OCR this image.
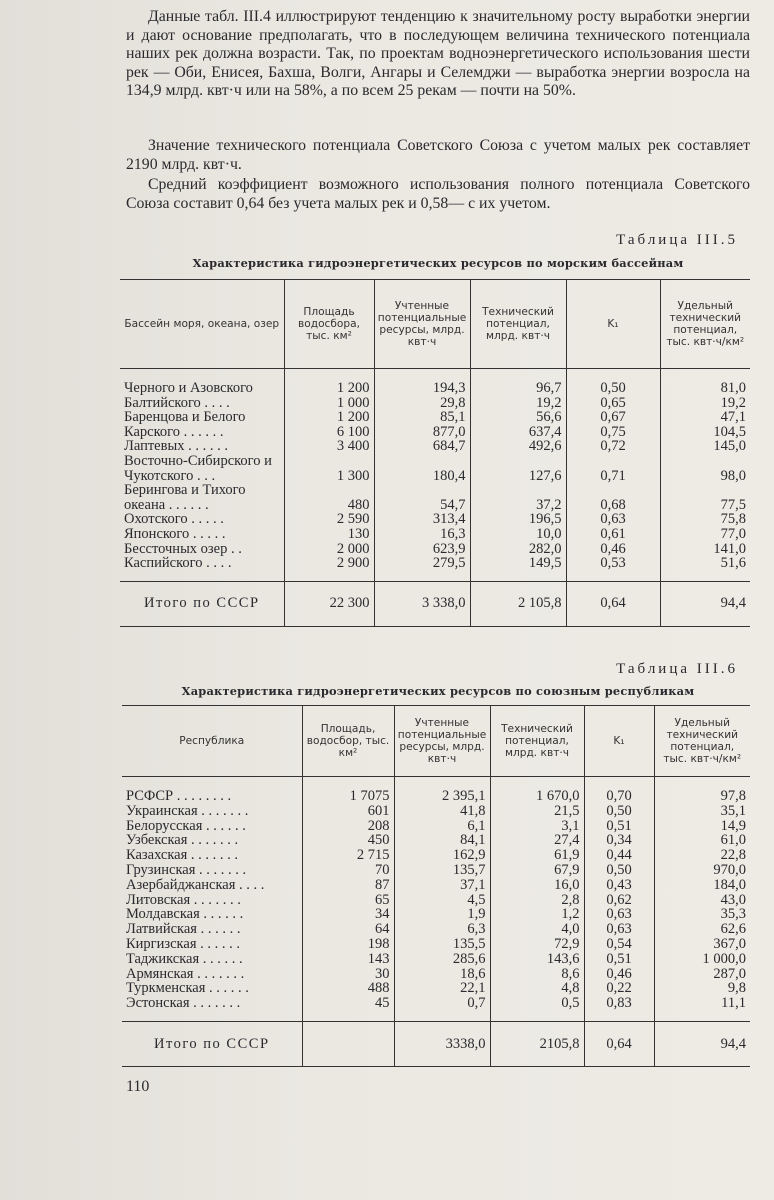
Данные табл. III.4 иллюстрируют тенденцию к значительному росту выработки энергии и дают основание предполагать, что в последующем величина технического потенциала наших рек должна возрасти. Так, по проектам водноэнергетического использования шести рек — Оби, Енисея, Бахша, Волги, Ангары и Селемджи — выработка энергии возросла на 134,9 млрд. квт·ч или на 58%, а по всем 25 рекам — почти на 50%.

Значение технического потенциала Советского Союза с учетом малых рек составляет 2190 млрд. квт·ч.

Средний коэффициент возможного использования полного потенциала Советского Союза составит 0,64 без учета малых рек и 0,58— с их учетом.

Таблица III.5
Характеристика гидроэнергетических ресурсов по морским бассейнам
Бассейн моря, океана, озер	Площадь водосбора, тыс. км²	Учтенные потенциальные ресурсы, млрд. квт·ч	Технический потенциал, млрд. квт·ч	K₁	Удельный технический потенциал, тыс. квт·ч/км²
Черного и Азовского	1 200	194,3	96,7	0,50	81,0
Балтийского . . . .	1 000	29,8	19,2	0,65	19,2
Баренцова и Белого	1 200	85,1	56,6	0,67	47,1
Карского . . . . . .	6 100	877,0	637,4	0,75	104,5
Лаптевых . . . . . .	3 400	684,7	492,6	0,72	145,0
Восточно-Сибирского и Чукотского . . .	1 300	180,4	127,6	0,71	98,0
Берингова и Тихого океана . . . . . .	480	54,7	37,2	0,68	77,5
Охотского . . . . .	2 590	313,4	196,5	0,63	75,8
Японского . . . . .	130	16,3	10,0	0,61	77,0
Бессточных озер . .	2 000	623,9	282,0	0,46	141,0
Каспийского . . . .	2 900	279,5	149,5	0,53	51,6
Итого по СССР	22 300	3 338,0	2 105,8	0,64	94,4
Таблица III.6
Характеристика гидроэнергетических ресурсов по союзным республикам
Республика	Площадь, водосбор, тыс. км²	Учтенные потенциальные ресурсы, млрд. квт·ч	Технический потенциал, млрд. квт·ч	K₁	Удельный технический потенциал, тыс. квт·ч/км²
РСФСР . . . . . . . .	1 7075	2 395,1	1 670,0	0,70	97,8
Украинская . . . . . . .	601	41,8	21,5	0,50	35,1
Белорусская . . . . . .	208	6,1	3,1	0,51	14,9
Узбекская . . . . . . .	450	84,1	27,4	0,34	61,0
Казахская . . . . . . .	2 715	162,9	61,9	0,44	22,8
Грузинская . . . . . . .	70	135,7	67,9	0,50	970,0
Азербайджанская . . . .	87	37,1	16,0	0,43	184,0
Литовская . . . . . . .	65	4,5	2,8	0,62	43,0
Молдавская . . . . . .	34	1,9	1,2	0,63	35,3
Латвийская . . . . . .	64	6,3	4,0	0,63	62,6
Киргизская . . . . . .	198	135,5	72,9	0,54	367,0
Таджикская . . . . . .	143	285,6	143,6	0,51	1 000,0
Армянская . . . . . . .	30	18,6	8,6	0,46	287,0
Туркменская . . . . . .	488	22,1	4,8	0,22	9,8
Эстонская . . . . . . .	45	0,7	0,5	0,83	11,1
Итого по СССР		3338,0	2105,8	0,64	94,4
110
